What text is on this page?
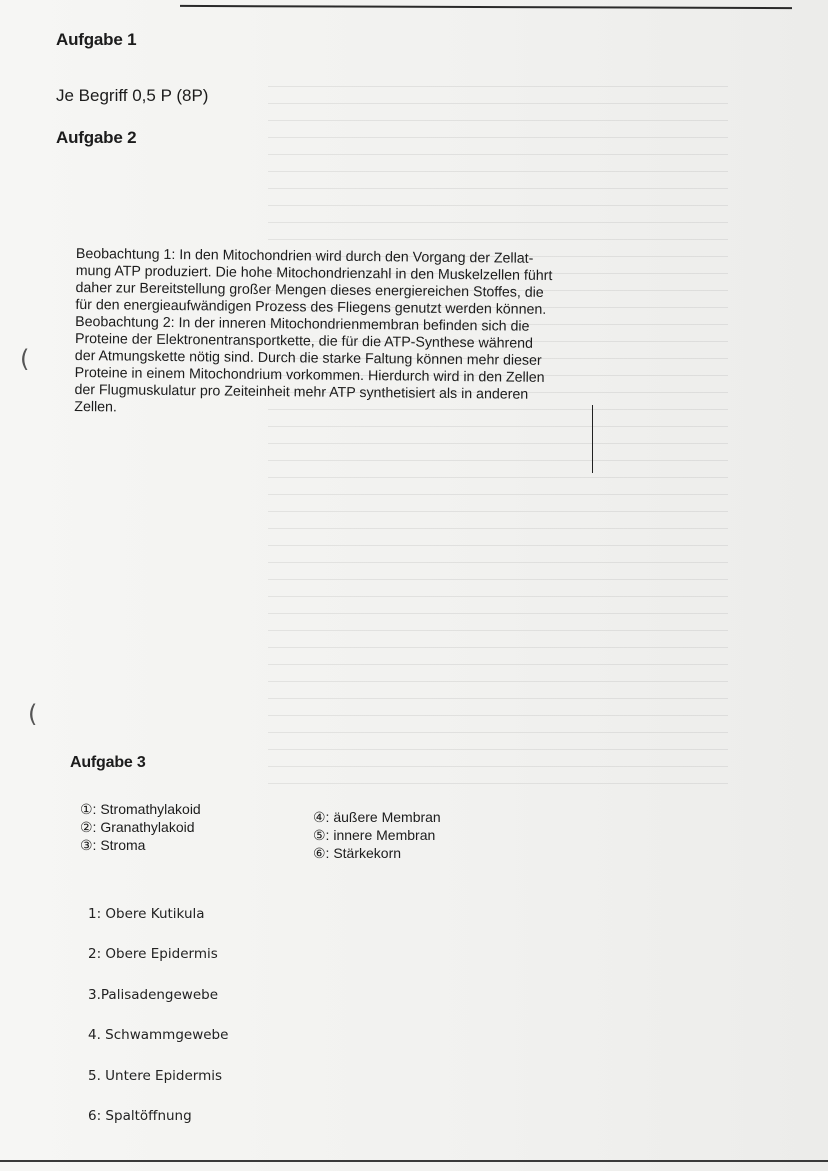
Aufgabe 1
Je Begriff 0,5 P (8P)
Aufgabe 2

Beobachtung 1: In den Mitochondrien wird durch den Vorgang der Zellat-

mung ATP produziert. Die hohe Mitochondrienzahl in den Muskelzellen führt

daher zur Bereitstellung großer Mengen dieses energiereichen Stoffes, die

für den energieaufwändigen Prozess des Fliegens genutzt werden können.

Beobachtung 2: In der inneren Mitochondrienmembran befinden sich die

Proteine der Elektronentransportkette, die für die ATP-Synthese während

der Atmungskette nötig sind. Durch die starke Faltung können mehr dieser

Proteine in einem Mitochondrium vorkommen. Hierdurch wird in den Zellen

der Flugmuskulatur pro Zeiteinheit mehr ATP synthetisiert als in anderen

Zellen.

(
(
Aufgabe 3
①: Stromathylakoid
②: Granathylakoid
③: Stroma
④: äußere Membran
⑤: innere Membran
⑥: Stärkekorn
1: Obere Kutikula
2: Obere Epidermis
3.Palisadengewebe
4. Schwammgewebe
5. Untere Epidermis
6: Spaltöffnung
